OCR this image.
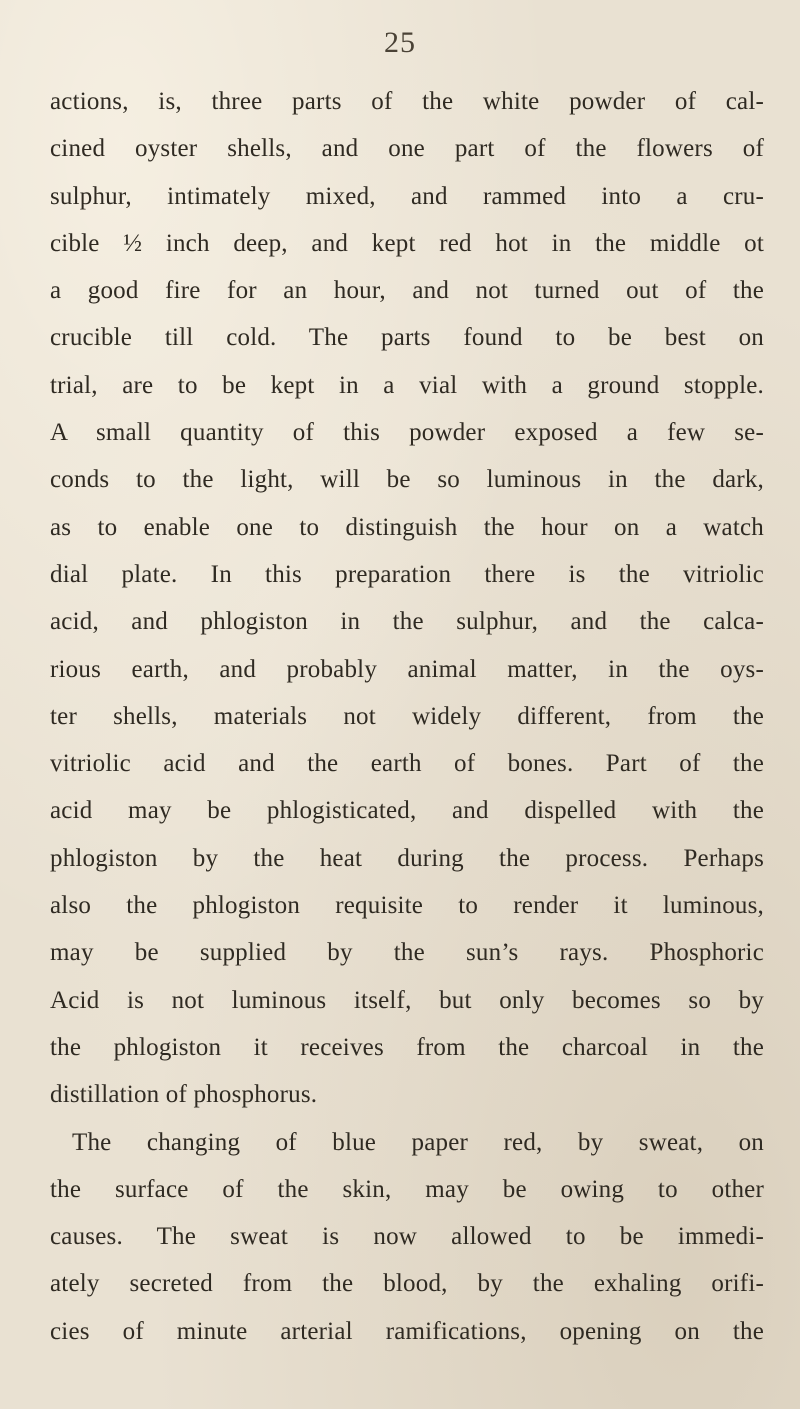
25
actions, is, three parts of the white powder of cal-
cined oyster shells, and one part of the flowers of
sulphur, intimately mixed, and rammed into a cru-
cible ½ inch deep, and kept red hot in the middle ot
a good fire for an hour, and not turned out of the
crucible till cold. The parts found to be best on
trial, are to be kept in a vial with a ground stopple.
A small quantity of this powder exposed a few se-
conds to the light, will be so luminous in the dark,
as to enable one to distinguish the hour on a watch
dial plate. In this preparation there is the vitriolic
acid, and phlogiston in the sulphur, and the calca-
rious earth, and probably animal matter, in the oys-
ter shells, materials not widely different, from the
vitriolic acid and the earth of bones. Part of the
acid may be phlogisticated, and dispelled with the
phlogiston by the heat during the process. Perhaps
also the phlogiston requisite to render it luminous,
may be supplied by the sun’s rays. Phosphoric
Acid is not luminous itself, but only becomes so by
the phlogiston it receives from the charcoal in the
distillation of phosphorus.
The changing of blue paper red, by sweat, on
the surface of the skin, may be owing to other
causes. The sweat is now allowed to be immedi-
ately secreted from the blood, by the exhaling orifi-
cies of minute arterial ramifications, opening on the
